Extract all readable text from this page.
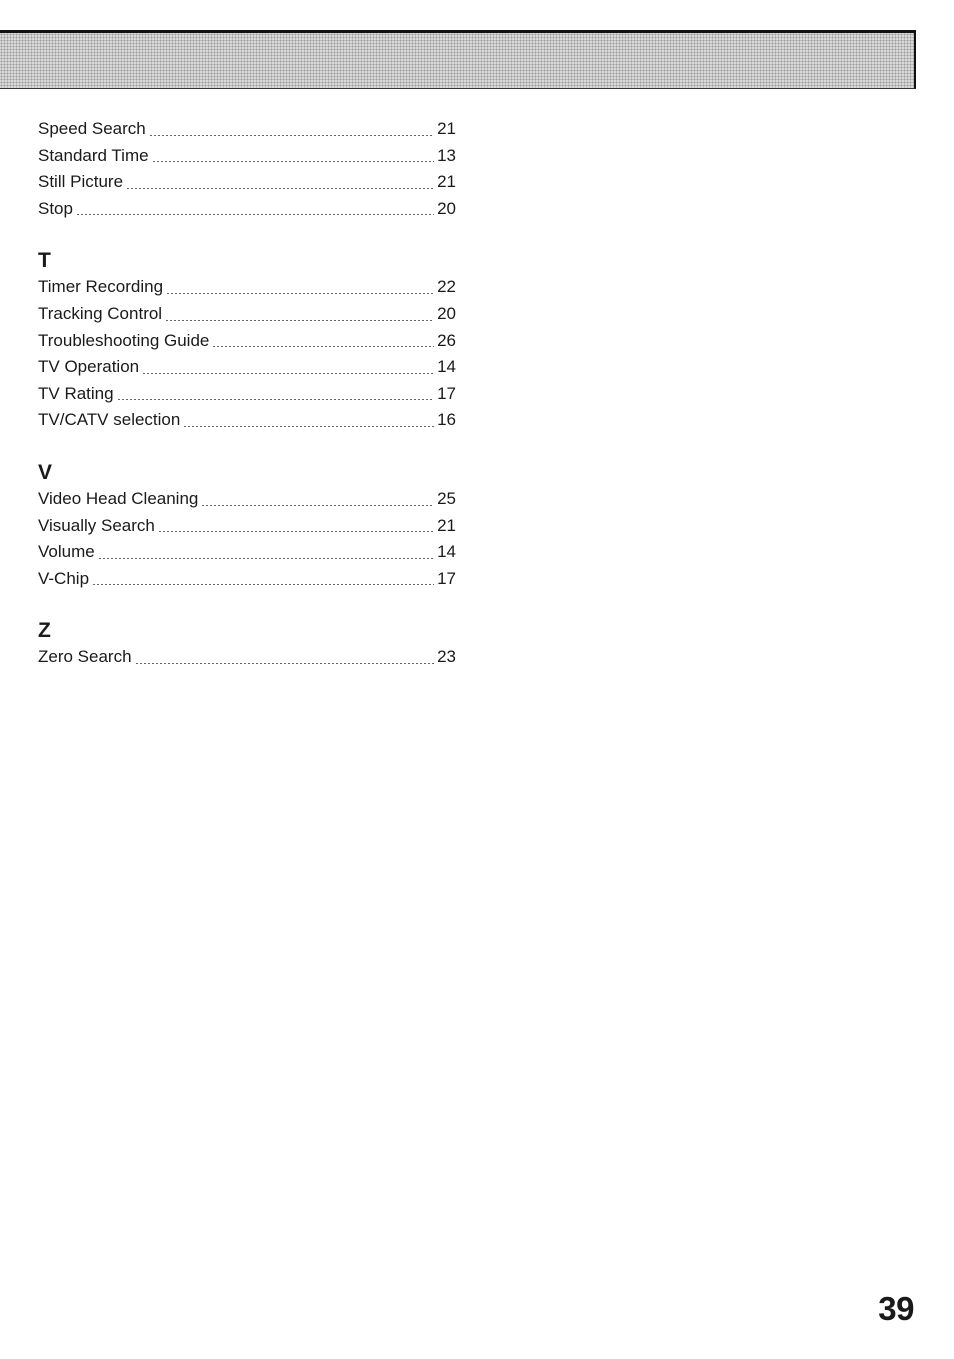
Speed Search	21
Standard Time	13
Still Picture	21
Stop	20
T
Timer Recording	22
Tracking Control	20
Troubleshooting Guide	26
TV Operation	14
TV Rating	17
TV/CATV selection	16
V
Video Head Cleaning	25
Visually Search	21
Volume	14
V-Chip	17
Z
Zero Search	23
39
